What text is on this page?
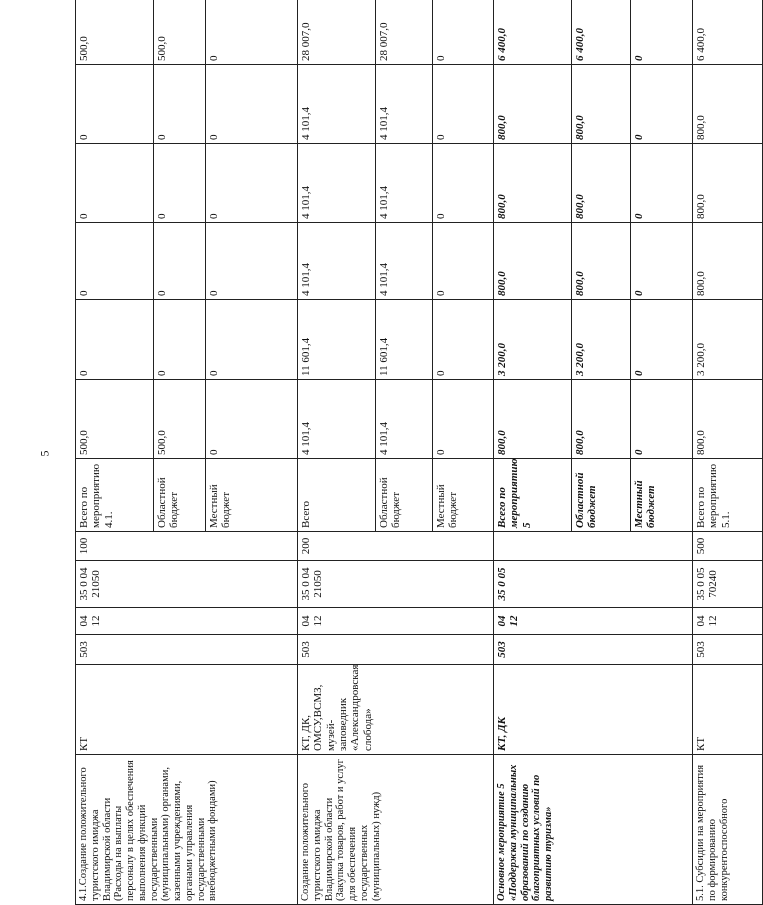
5
4.1.Создание положительного туристского имиджа Владимирской области (Расходы на выплаты персоналу в целях обеспечения выполнения функций государственными (муниципальными) органами, казенными учреждениями, органами управления государственными внебюджетными фондами)	КТ	503	04 12	35 0 04 21050	100	Всего по мероприятию 4.1.	500,0	0	0	0	0	500,0
						Областной бюджет	500,0	0	0	0	0	500,0
						Местный бюджет	0	0	0	0	0	0
Создание положительного туристского имиджа Владимирской области (Закупка товаров, работ и услуг для обеспечения государственных (муниципальных) нужд)	КТ, ДК, ОМСУ,ВСМЗ, музей-заповедник «Александровская слобода»	503	04 12	35 0 04 21050	200	Всего	4 101,4	11 601,4	4 101,4	4 101,4	4 101,4	28 007,0
						Областной бюджет	4 101,4	11 601,4	4 101,4	4 101,4	4 101,4	28 007,0
						Местный бюджет	0	0	0	0	0	0
Основное мероприятие 5 «Поддержка муниципальных образований по созданию благоприятных условий по развитию туризма»	КТ, ДК	503	04 12	35 0 05		Всего по мероприятию 5	800,0	3 200,0	800,0	800,0	800,0	6 400,0
						Областной бюджет	800,0	3 200,0	800,0	800,0	800,0	6 400,0
						Местный бюджет	0	0	0	0	0	0
5.1. Субсидии на мероприятия по формированию конкурентоспособного	КТ	503	04 12	35 0 05 70240	500	Всего по мероприятию 5.1.	800,0	3 200,0	800,0	800,0	800,0	6 400,0
